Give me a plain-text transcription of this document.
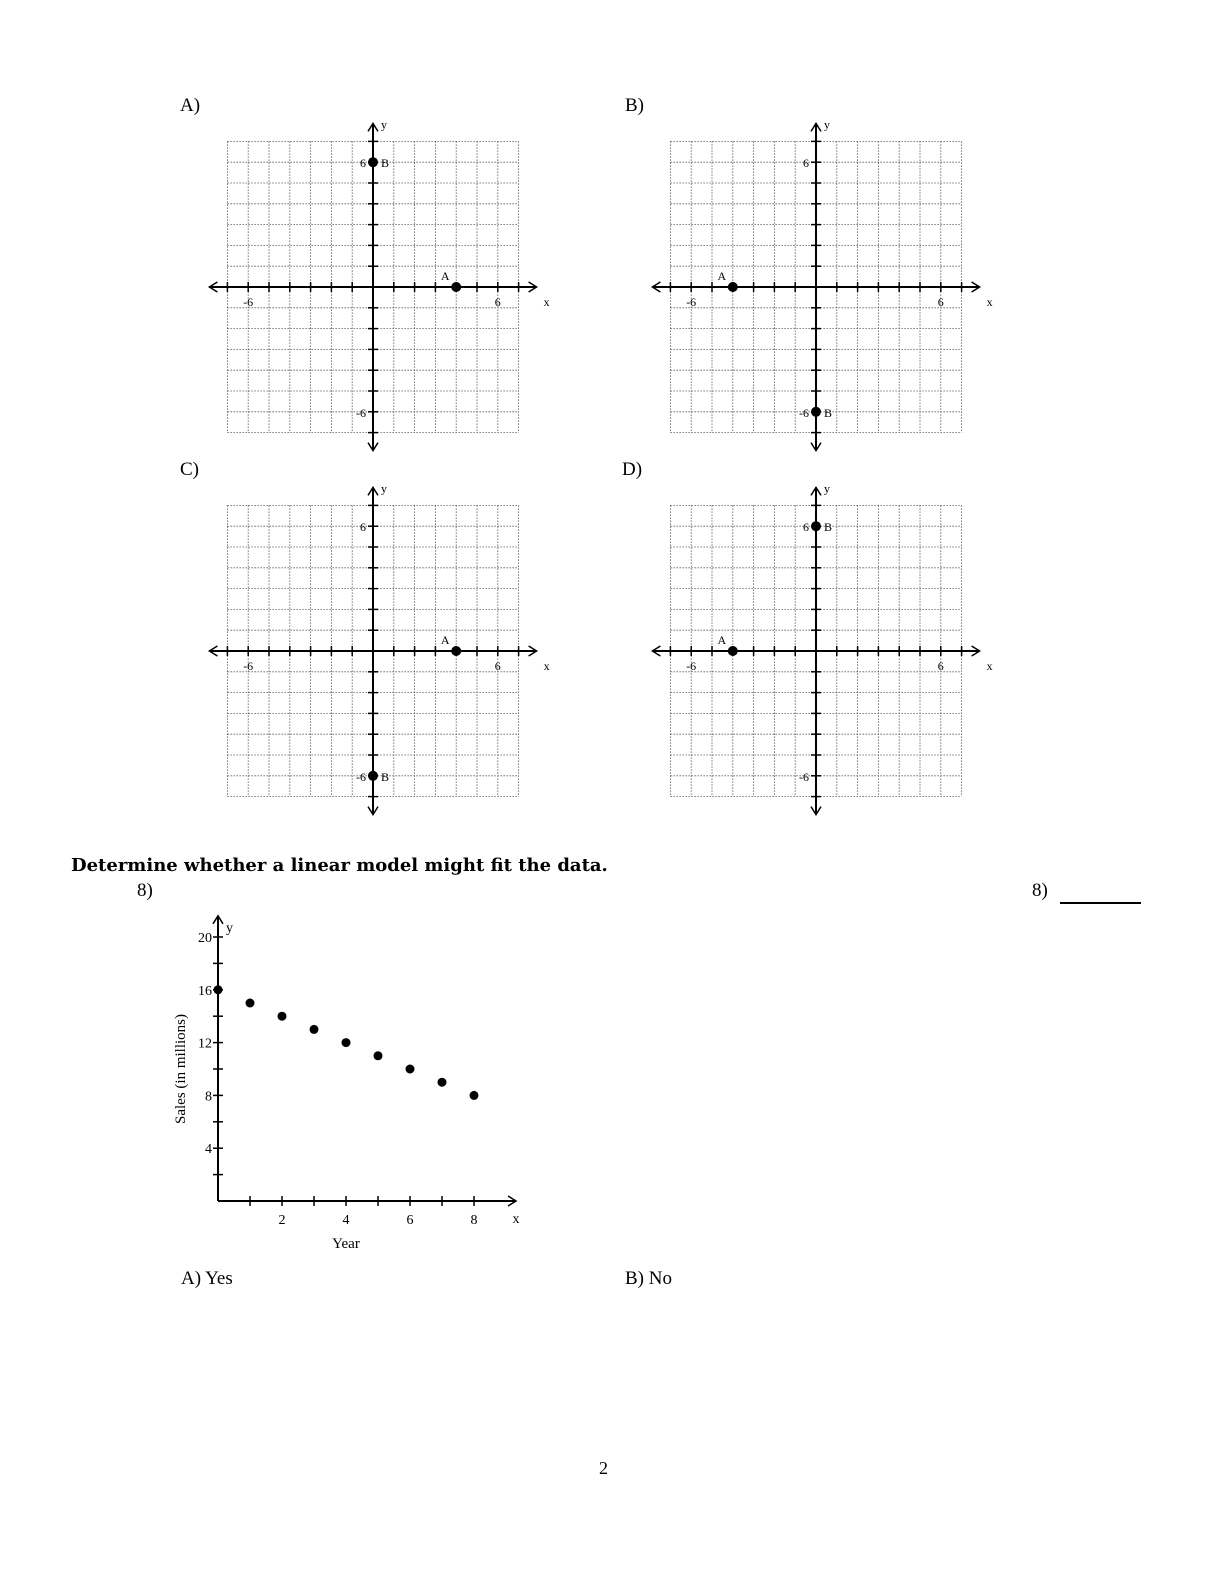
A)	B)
C)	D)
-6	6
6
-6
x
y
A
B
-6	6
6
-6
x
y
A
B
-6	6
6
-6
x
y
A
B
-6	6
6
-6
x
y
A
B
Determine whether a linear model might fit the data.
8)	8)
2	4	6	8
4
8
12
16
20
x
y
Year
Sales (in millions)
A) Yes	B) No
2
